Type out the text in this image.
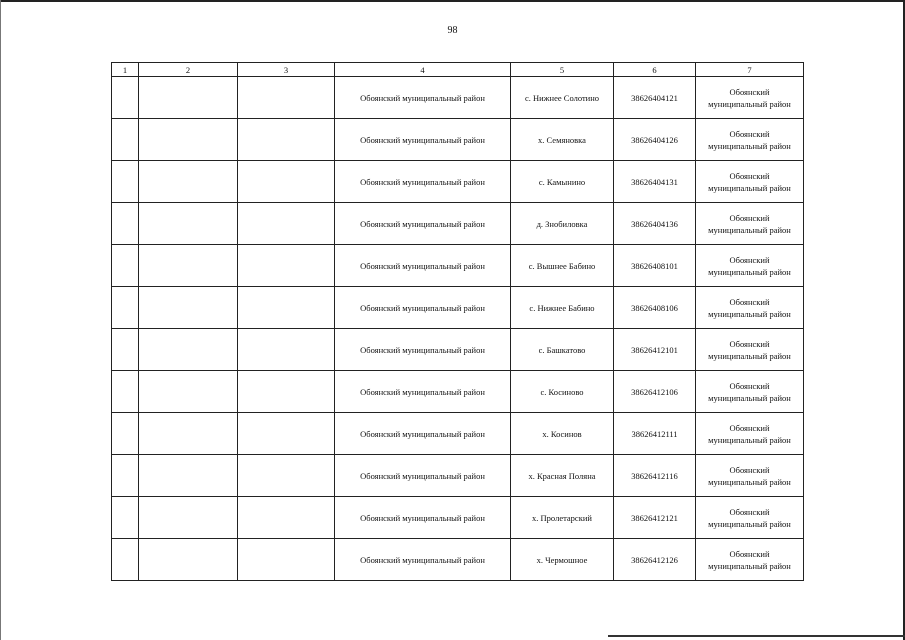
98
1	2	3	4	5	6	7
			Обоянский муниципальный район	с. Нижнее Солотино	38626404121	Обоянский
муниципальный район
			Обоянский муниципальный район	х. Семяновка	38626404126	Обоянский
муниципальный район
			Обоянский муниципальный район	с. Камынино	38626404131	Обоянский
муниципальный район
			Обоянский муниципальный район	д. Знобиловка	38626404136	Обоянский
муниципальный район
			Обоянский муниципальный район	с. Вышнее Бабино	38626408101	Обоянский
муниципальный район
			Обоянский муниципальный район	с. Нижнее Бабино	38626408106	Обоянский
муниципальный район
			Обоянский муниципальный район	с. Башкатово	38626412101	Обоянский
муниципальный район
			Обоянский муниципальный район	с. Косиново	38626412106	Обоянский
муниципальный район
			Обоянский муниципальный район	х. Косинов	38626412111	Обоянский
муниципальный район
			Обоянский муниципальный район	х. Красная Поляна	38626412116	Обоянский
муниципальный район
			Обоянский муниципальный район	х. Пролетарский	38626412121	Обоянский
муниципальный район
			Обоянский муниципальный район	х. Чермошное	38626412126	Обоянский
муниципальный район
